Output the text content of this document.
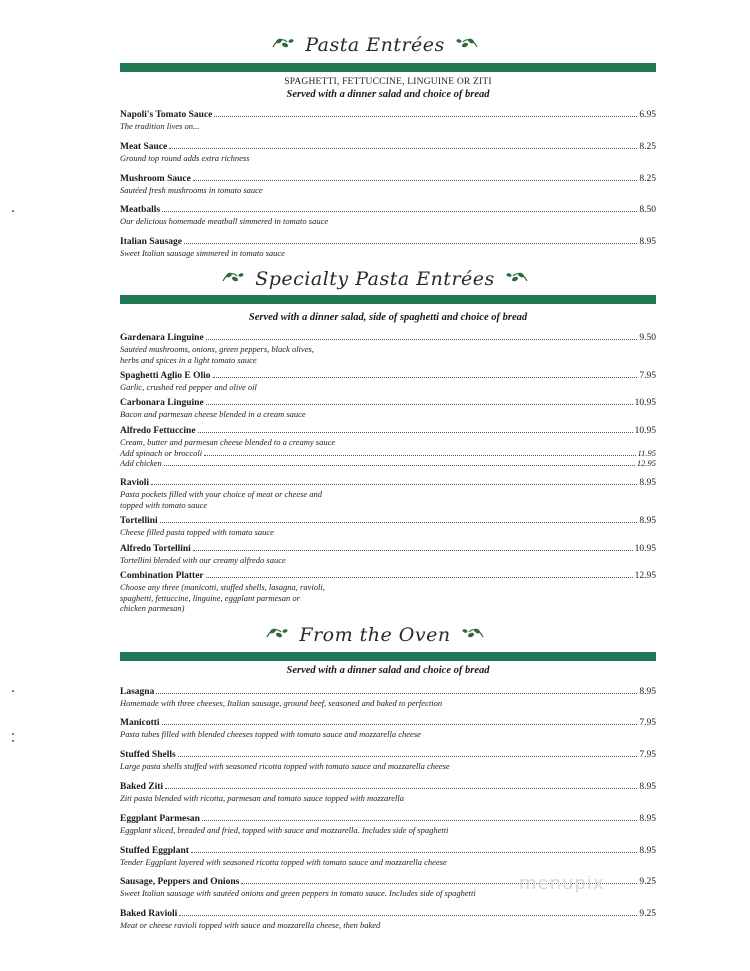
Pasta Entrées
SPAGHETTI, FETTUCCINE, LINGUINE OR ZITI
Served with a dinner salad and choice of bread
Napoli's Tomato Sauce	6.95
The tradition lives on...
Meat Sauce	8.25
Ground top round adds extra richness
Mushroom Sauce	8.25
Sautéed fresh mushrooms in tomato sauce
Meatballs	8.50
Our delicious homemade meatball simmered in tomato sauce
Italian Sausage	8.95
Sweet Italian sausage simmered in tomato sauce
Specialty Pasta Entrées
Served with a dinner salad, side of spaghetti and choice of bread
Gardenara Linguine	9.50
Sautéed mushrooms, onions, green peppers, black olives,
herbs and spices in a light tomato sauce
Spaghetti Aglio E Olio	7.95
Garlic, crushed red pepper and olive oil
Carbonara Linguine	10.95
Bacon and parmesan cheese blended in a cream sauce
Alfredo Fettuccine	10.95
Cream, butter and parmesan cheese blended to a creamy sauce
Add spinach or broccoli	11.95
Add chicken	12.95
Ravioli	8.95
Pasta pockets filled with your choice of meat or cheese and
topped with tomato sauce
Tortellini	8.95
Cheese filled pasta topped with tomato sauce
Alfredo Tortellini	10.95
Tortellini blended with our creamy alfredo sauce
Combination Platter	12.95
Choose any three (manicotti, stuffed shells, lasagna, ravioli,
spaghetti, fettuccine, linguine, eggplant parmesan or
chicken parmesan)
From the Oven
Served with a dinner salad and choice of bread
Lasagna	8.95
Homemade with three cheeses, Italian sausage, ground beef, seasoned and baked to perfection
Manicotti	7.95
Pasta tubes filled with blended cheeses topped with tomato sauce and mozzarella cheese
Stuffed Shells	7.95
Large pasta shells stuffed with seasoned ricotta topped with tomato sauce and mozzarella cheese
Baked Ziti	8.95
Ziti pasta blended with ricotta, parmesan and tomato sauce topped with mozzarella
Eggplant Parmesan	8.95
Eggplant sliced, breaded and fried, topped with sauce and mozzarella. Includes side of spaghetti
Stuffed Eggplant	8.95
Tender Eggplant layered with seasoned ricotta topped with tomato sauce and mozzarella cheese
Sausage, Peppers and Onions	9.25
Sweet Italian sausage with sautéed onions and green peppers in tomato sauce. Includes side of spaghetti
Baked Ravioli	9.25
Meat or cheese ravioli topped with sauce and mozzarella cheese, then baked
menupix
